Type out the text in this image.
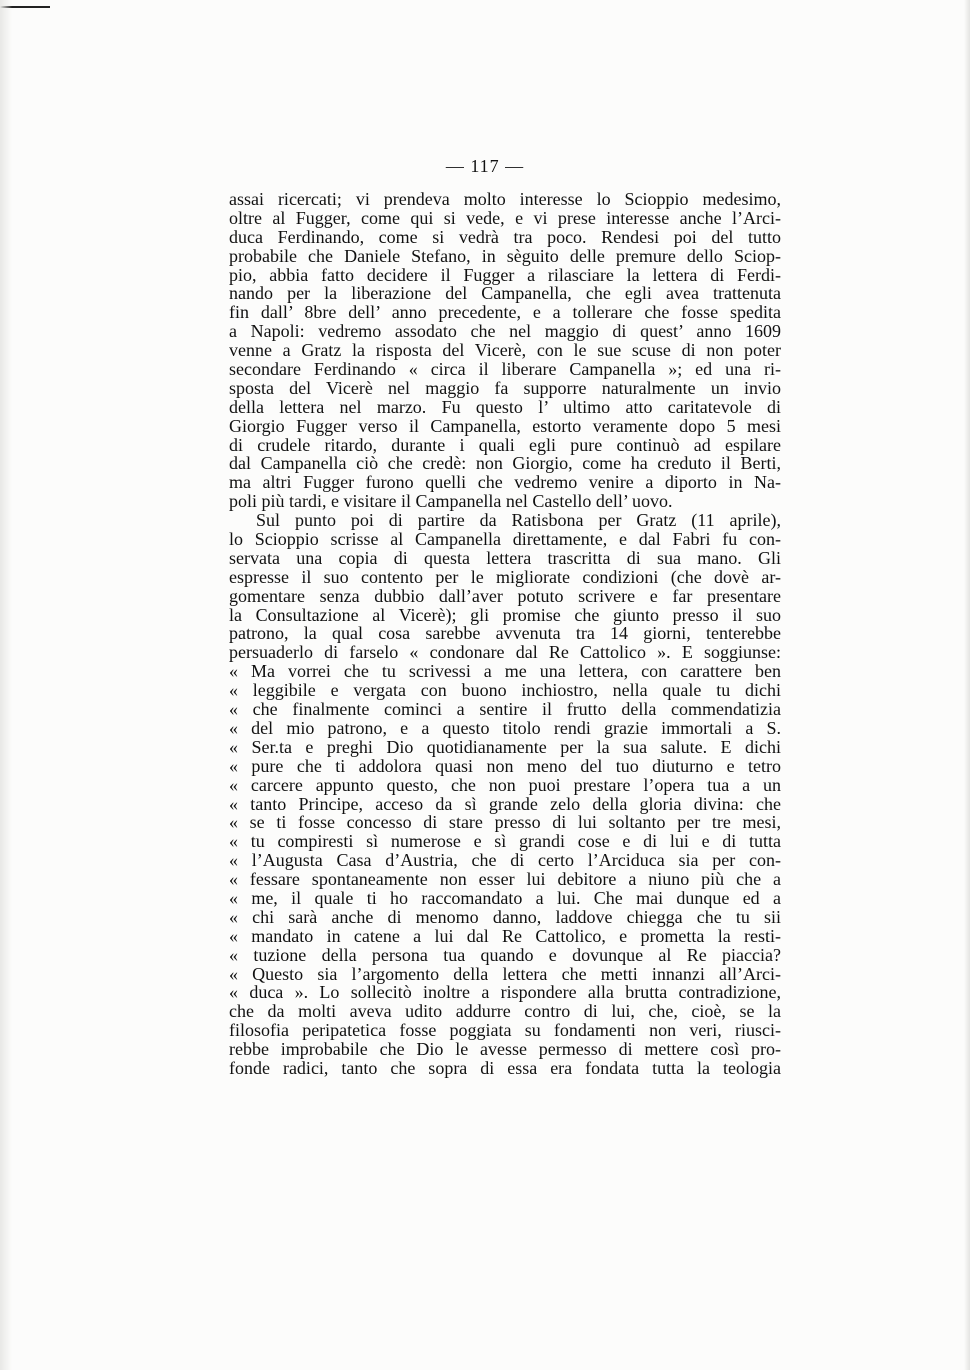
— 117 —
assai ricercati; vi prendeva molto interesse lo Scioppio medesimo,
oltre al Fugger, come qui si vede, e vi prese interesse anche l’Arci-
duca Ferdinando, come si vedrà tra poco. Rendesi poi del tutto
probabile che Daniele Stefano, in sèguito delle premure dello Sciop-
pio, abbia fatto decidere il Fugger a rilasciare la lettera di Ferdi-
nando per la liberazione del Campanella, che egli avea trattenuta
fin dall’ 8bre dell’ anno precedente, e a tollerare che fosse spedita
a Napoli: vedremo assodato che nel maggio di quest’ anno 1609
venne a Gratz la risposta del Vicerè, con le sue scuse di non poter
secondare Ferdinando « circa il liberare Campanella »; ed una ri-
sposta del Vicerè nel maggio fa supporre naturalmente un invio
della lettera nel marzo. Fu questo l’ ultimo atto caritatevole di
Giorgio Fugger verso il Campanella, estorto veramente dopo 5 mesi
di crudele ritardo, durante i quali egli pure continuò ad espilare
dal Campanella ciò che credè: non Giorgio, come ha creduto il Berti,
ma altri Fugger furono quelli che vedremo venire a diporto in Na-
poli più tardi, e visitare il Campanella nel Castello dell’ uovo.
Sul punto poi di partire da Ratisbona per Gratz (11 aprile),
lo Scioppio scrisse al Campanella direttamente, e dal Fabri fu con-
servata una copia di questa lettera trascritta di sua mano. Gli
espresse il suo contento per le migliorate condizioni (che dovè ar-
gomentare senza dubbio dall’aver potuto scrivere e far presentare
la Consultazione al Vicerè); gli promise che giunto presso il suo
patrono, la qual cosa sarebbe avvenuta tra 14 giorni, tenterebbe
persuaderlo di farselo « condonare dal Re Cattolico ». E soggiunse:
« Ma vorrei che tu scrivessi a me una lettera, con carattere ben
« leggibile e vergata con buono inchiostro, nella quale tu dichi
« che finalmente cominci a sentire il frutto della commendatizia
« del mio patrono, e a questo titolo rendi grazie immortali a S.
« Ser.ta e preghi Dio quotidianamente per la sua salute. E dichi
« pure che ti addolora quasi non meno del tuo diuturno e tetro
« carcere appunto questo, che non puoi prestare l’opera tua a un
« tanto Principe, acceso da sì grande zelo della gloria divina: che
« se ti fosse concesso di stare presso di lui soltanto per tre mesi,
« tu compiresti sì numerose e sì grandi cose e di lui e di tutta
« l’Augusta Casa d’Austria, che di certo l’Arciduca sia per con-
« fessare spontaneamente non esser lui debitore a niuno più che a
« me, il quale ti ho raccomandato a lui. Che mai dunque ed a
« chi sarà anche di menomo danno, laddove chiegga che tu sii
« mandato in catene a lui dal Re Cattolico, e prometta la resti-
« tuzione della persona tua quando e dovunque al Re piaccia?
« Questo sia l’argomento della lettera che metti innanzi all’Arci-
« duca ». Lo sollecitò inoltre a rispondere alla brutta contradizione,
che da molti aveva udito addurre contro di lui, che, cioè, se la
filosofia peripatetica fosse poggiata su fondamenti non veri, riusci-
rebbe improbabile che Dio le avesse permesso di mettere così pro-
fonde radici, tanto che sopra di essa era fondata tutta la teologia
